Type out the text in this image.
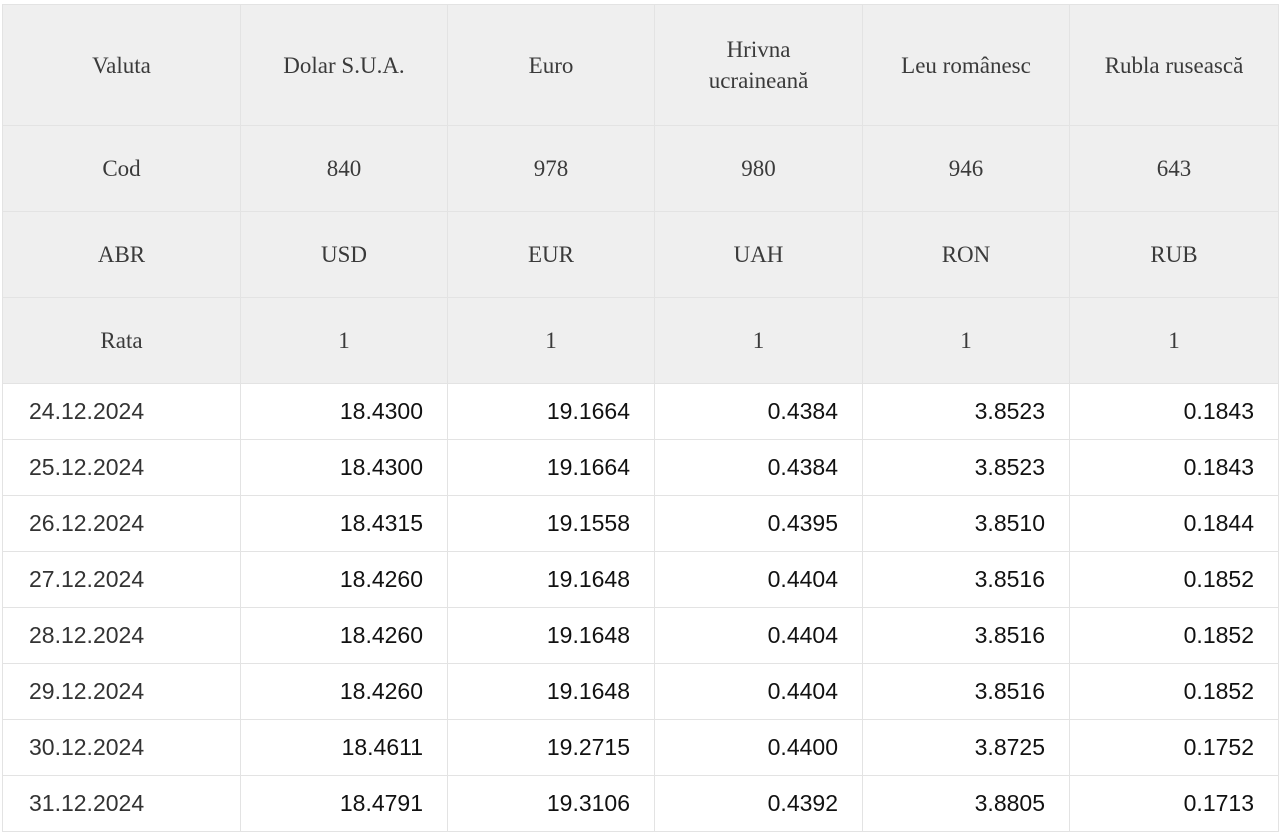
Valuta	Dolar S.U.A.	Euro	Hrivna ucraineană	Leu românesc	Rubla rusească
Cod	840	978	980	946	643
ABR	USD	EUR	UAH	RON	RUB
Rata	1	1	1	1	1
24.12.2024	18.4300	19.1664	0.4384	3.8523	0.1843
25.12.2024	18.4300	19.1664	0.4384	3.8523	0.1843
26.12.2024	18.4315	19.1558	0.4395	3.8510	0.1844
27.12.2024	18.4260	19.1648	0.4404	3.8516	0.1852
28.12.2024	18.4260	19.1648	0.4404	3.8516	0.1852
29.12.2024	18.4260	19.1648	0.4404	3.8516	0.1852
30.12.2024	18.4611	19.2715	0.4400	3.8725	0.1752
31.12.2024	18.4791	19.3106	0.4392	3.8805	0.1713
